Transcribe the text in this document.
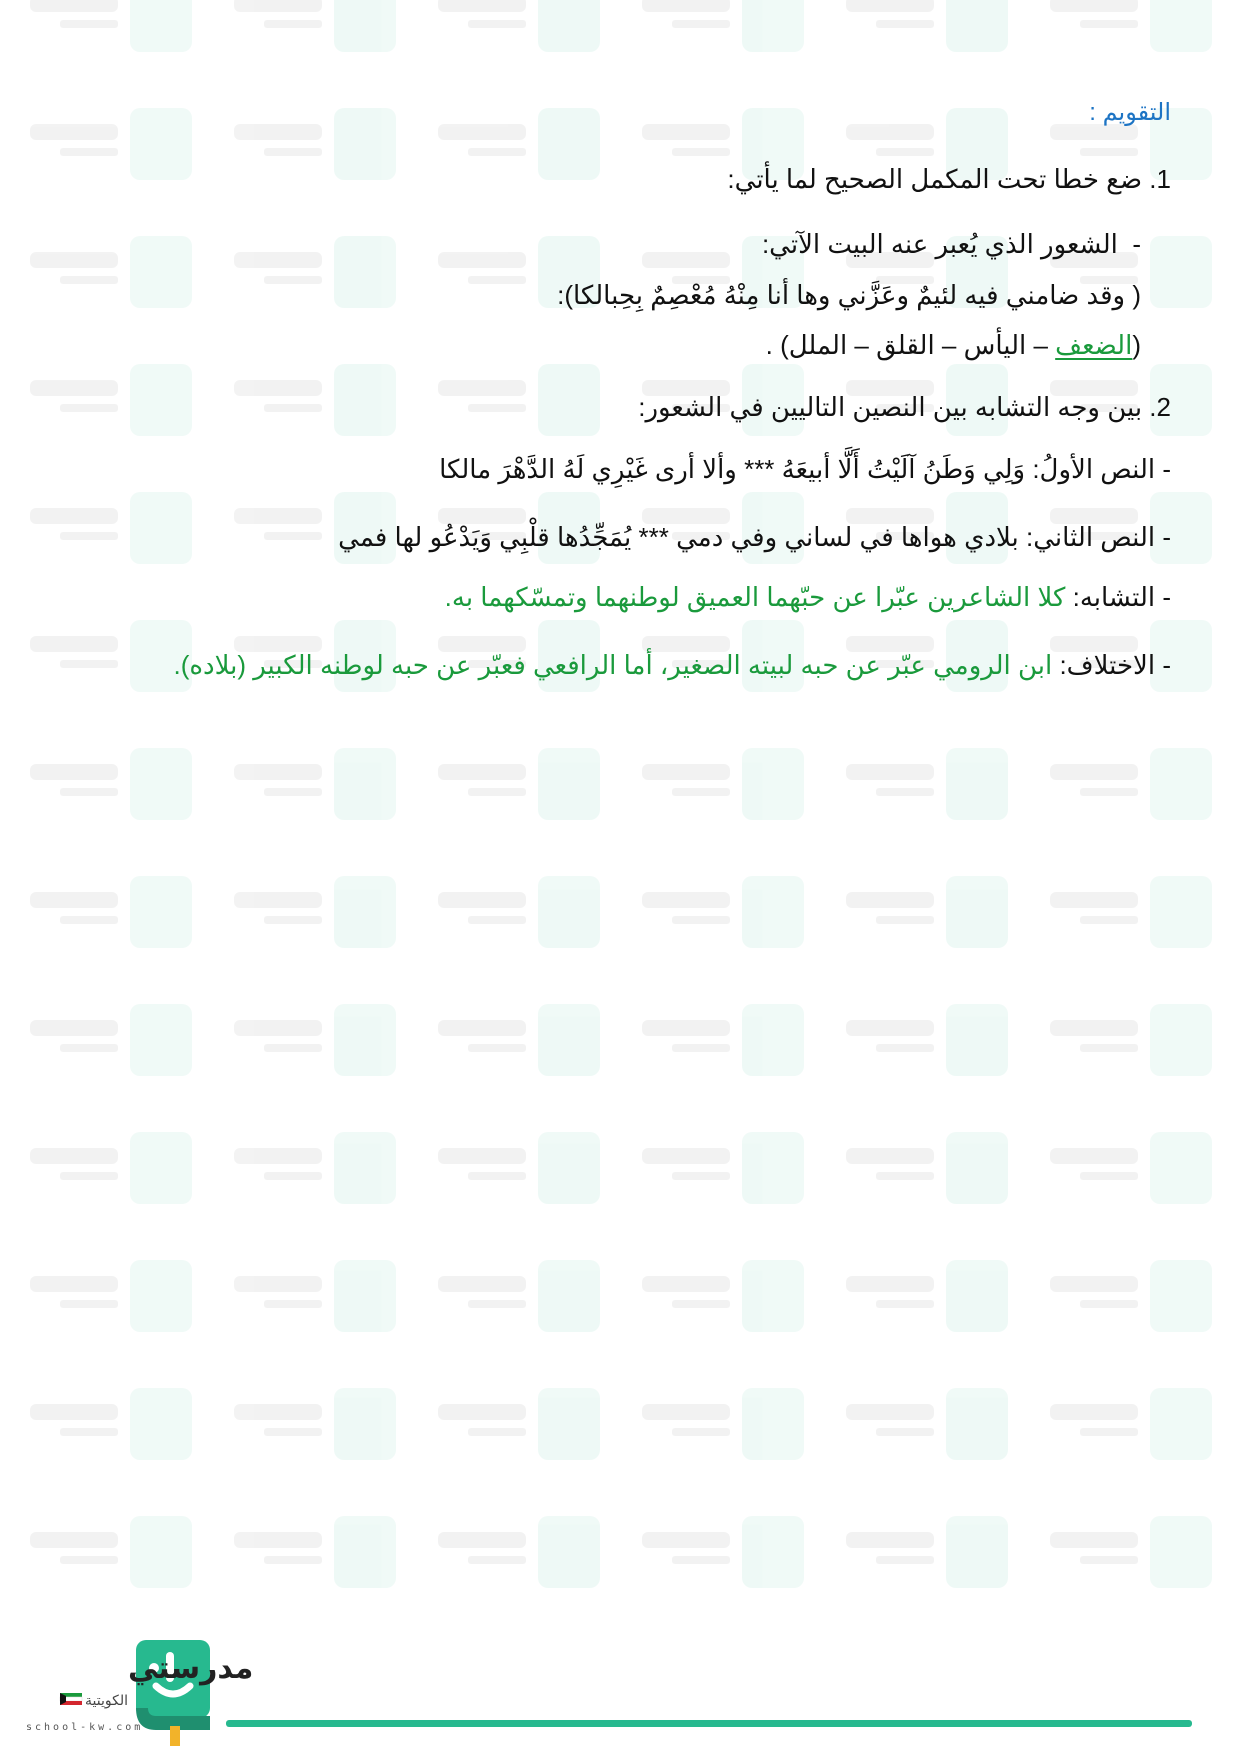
التقويم :
1. ضع خطا تحت المكمل الصحيح لما يأتي:
-  الشعور الذي يُعبر عنه البيت الآتي:
( وقد ضامني فيه لئيمٌ وعَزَّني وها أنا مِنْهُ مُعْصِمٌ بِحِبالكا):
(الضعف – اليأس – القلق – الملل) .
2. بين وجه التشابه بين النصين التاليين في الشعور:
- النص الأولُ: وَلِي وَطَنُ آلَيْتُ أَلَّا أبيعَهُ *** وألا أرى غَيْرِي لَهُ الدَّهْرَ مالكا
- النص الثاني: بلادي هواها في لساني وفي دمي *** يُمَجِّدُها قلْبِي وَيَدْعُو لها فمي
- التشابه: كلا الشاعرين عبّرا عن حبّهما العميق لوطنهما وتمسّكهما به.
- الاختلاف: ابن الرومي عبّر عن حبه لبيته الصغير، أما الرافعي فعبّر عن حبه لوطنه الكبير (بلاده).
مدرستي
الكويتية
school-kw.com
